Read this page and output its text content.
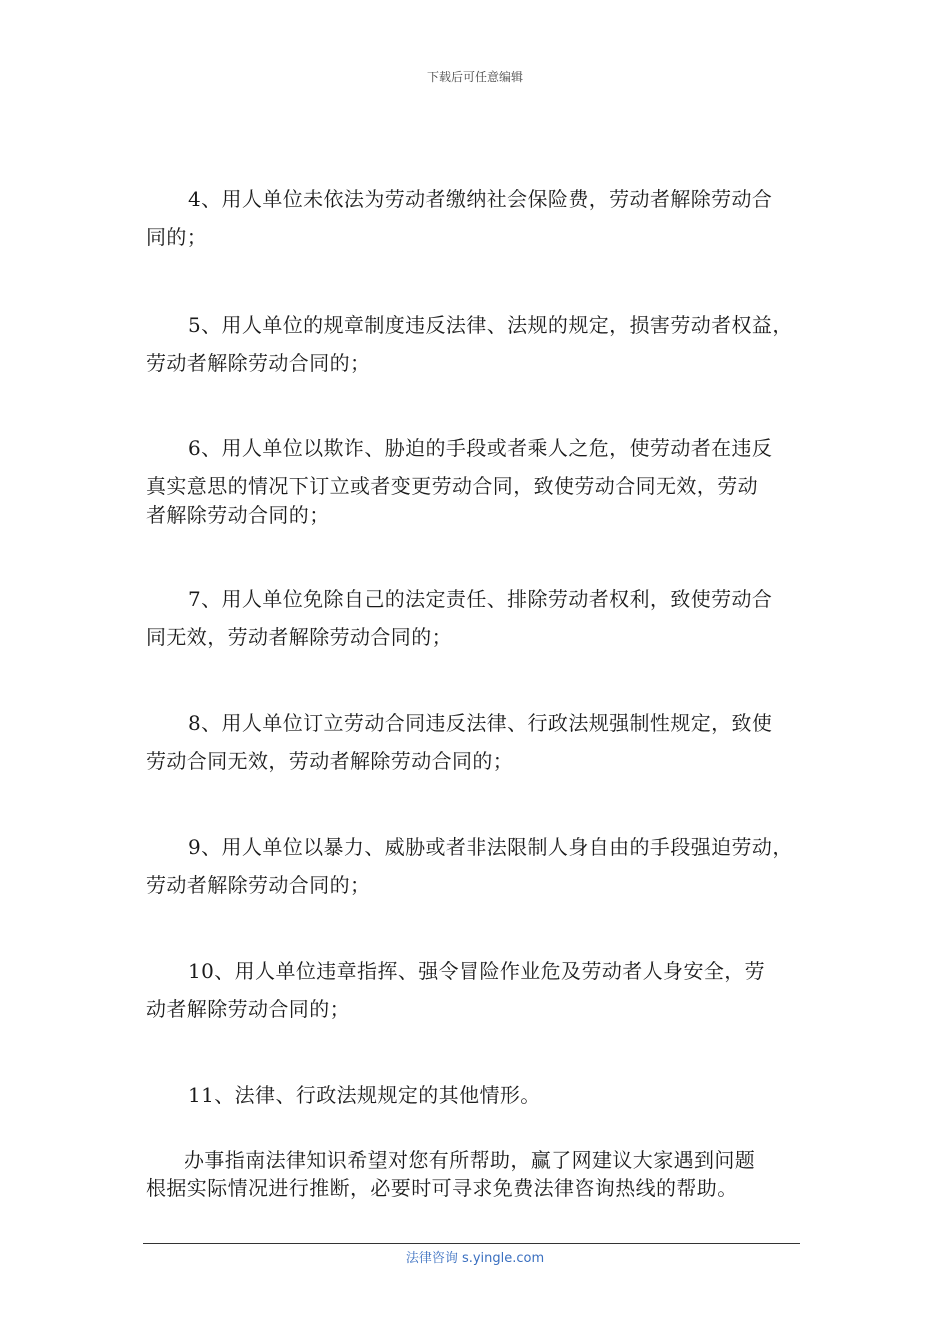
下载后可任意编辑
4、用人单位未依法为劳动者缴纳社会保险费，劳动者解除劳动合
同的；
5、用人单位的规章制度违反法律、法规的规定，损害劳动者权益，
劳动者解除劳动合同的；
6、用人单位以欺诈、胁迫的手段或者乘人之危，使劳动者在违反
真实意思的情况下订立或者变更劳动合同，致使劳动合同无效，劳动
者解除劳动合同的；
7、用人单位免除自己的法定责任、排除劳动者权利，致使劳动合
同无效，劳动者解除劳动合同的；
8、用人单位订立劳动合同违反法律、行政法规强制性规定，致使
劳动合同无效，劳动者解除劳动合同的；
9、用人单位以暴力、威胁或者非法限制人身自由的手段强迫劳动，
劳动者解除劳动合同的；
10、用人单位违章指挥、强令冒险作业危及劳动者人身安全，劳
动者解除劳动合同的；
11、法律、行政法规规定的其他情形。
办事指南法律知识希望对您有所帮助，赢了网建议大家遇到问题
根据实际情况进行推断，必要时可寻求免费法律咨询热线的帮助。
法律咨询 s.yingle.com
